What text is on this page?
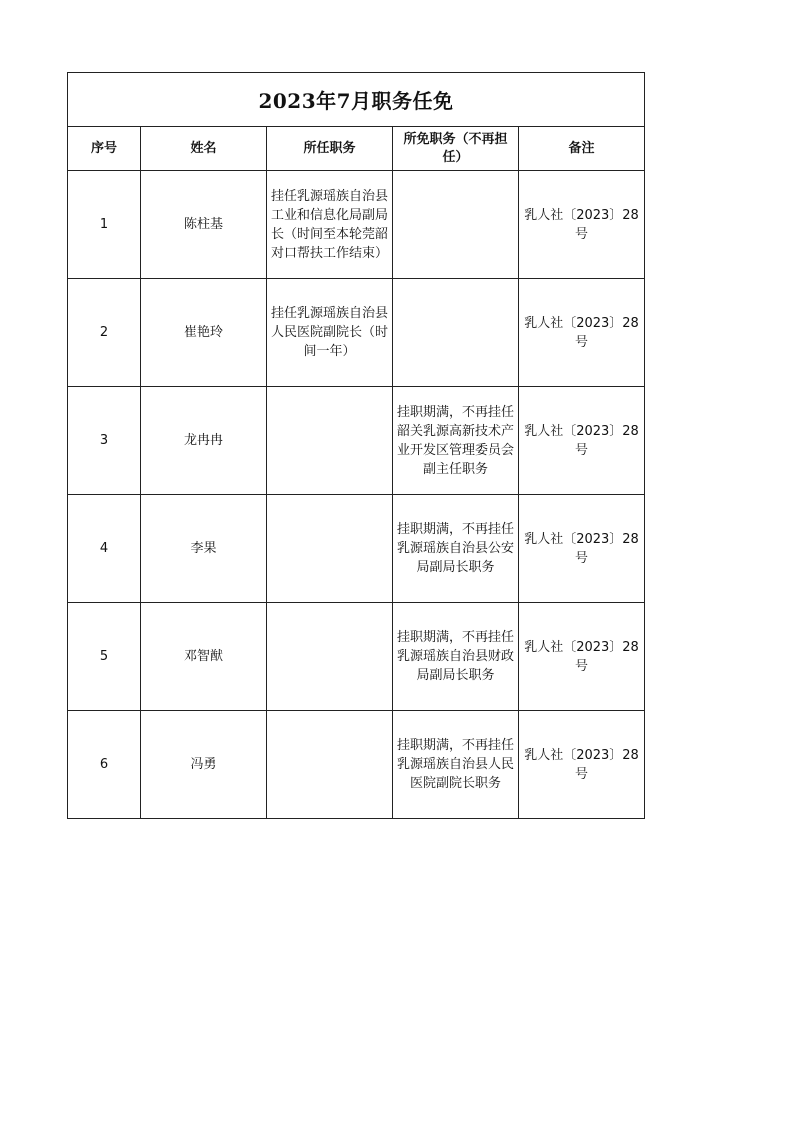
2023年7月职务任免				
序号	姓名	所任职务	所免职务（不再担任）	备注
1	陈柱基	挂任乳源瑶族自治县工业和信息化局副局长（时间至本轮莞韶对口帮扶工作结束）		乳人社〔2023〕28号
2	崔艳玲	挂任乳源瑶族自治县人民医院副院长（时间一年）		乳人社〔2023〕28号
3	龙冉冉		挂职期满，不再挂任韶关乳源高新技术产业开发区管理委员会副主任职务	乳人社〔2023〕28号
4	李果		挂职期满，不再挂任乳源瑶族自治县公安局副局长职务	乳人社〔2023〕28号
5	邓智猷		挂职期满，不再挂任乳源瑶族自治县财政局副局长职务	乳人社〔2023〕28号
6	冯勇		挂职期满，不再挂任乳源瑶族自治县人民医院副院长职务	乳人社〔2023〕28号
